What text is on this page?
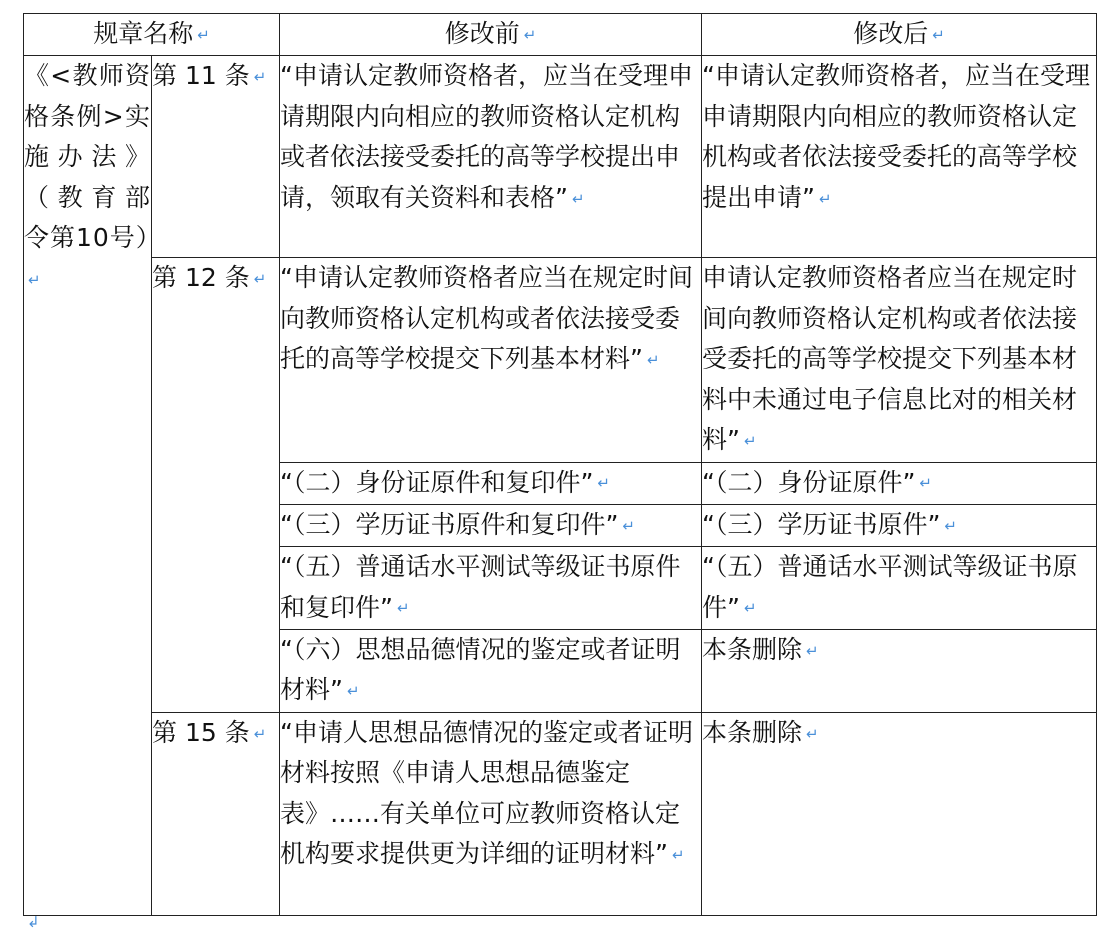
规章名称 ↵		修改前 ↵	修改后 ↵
《<教师资格条例>实施办法》（教育部令第10号）↵	第 11 条 ↵	“申请认定教师资格者，应当在受理申请期限内向相应的教师资格认定机构或者依法接受委托的高等学校提出申请，领取有关资料和表格” ↵	“申请认定教师资格者，应当在受理申请期限内向相应的教师资格认定机构或者依法接受委托的高等学校提出申请” ↵
	第 12 条 ↵	“申请认定教师资格者应当在规定时间向教师资格认定机构或者依法接受委托的高等学校提交下列基本材料” ↵	申请认定教师资格者应当在规定时间向教师资格认定机构或者依法接受委托的高等学校提交下列基本材料中未通过电子信息比对的相关材料” ↵
		“（二）身份证原件和复印件” ↵	“（二）身份证原件” ↵
		“（三）学历证书原件和复印件” ↵	“（三）学历证书原件” ↵
		“（五）普通话水平测试等级证书原件和复印件” ↵	“（五）普通话水平测试等级证书原件” ↵
		“（六）思想品德情况的鉴定或者证明材料” ↵	本条删除 ↵
	第 15 条 ↵	“申请人思想品德情况的鉴定或者证明材料按照《申请人思想品德鉴定表》……有关单位可应教师资格认定机构要求提供更为详细的证明材料” ↵	本条删除 ↵
↲
